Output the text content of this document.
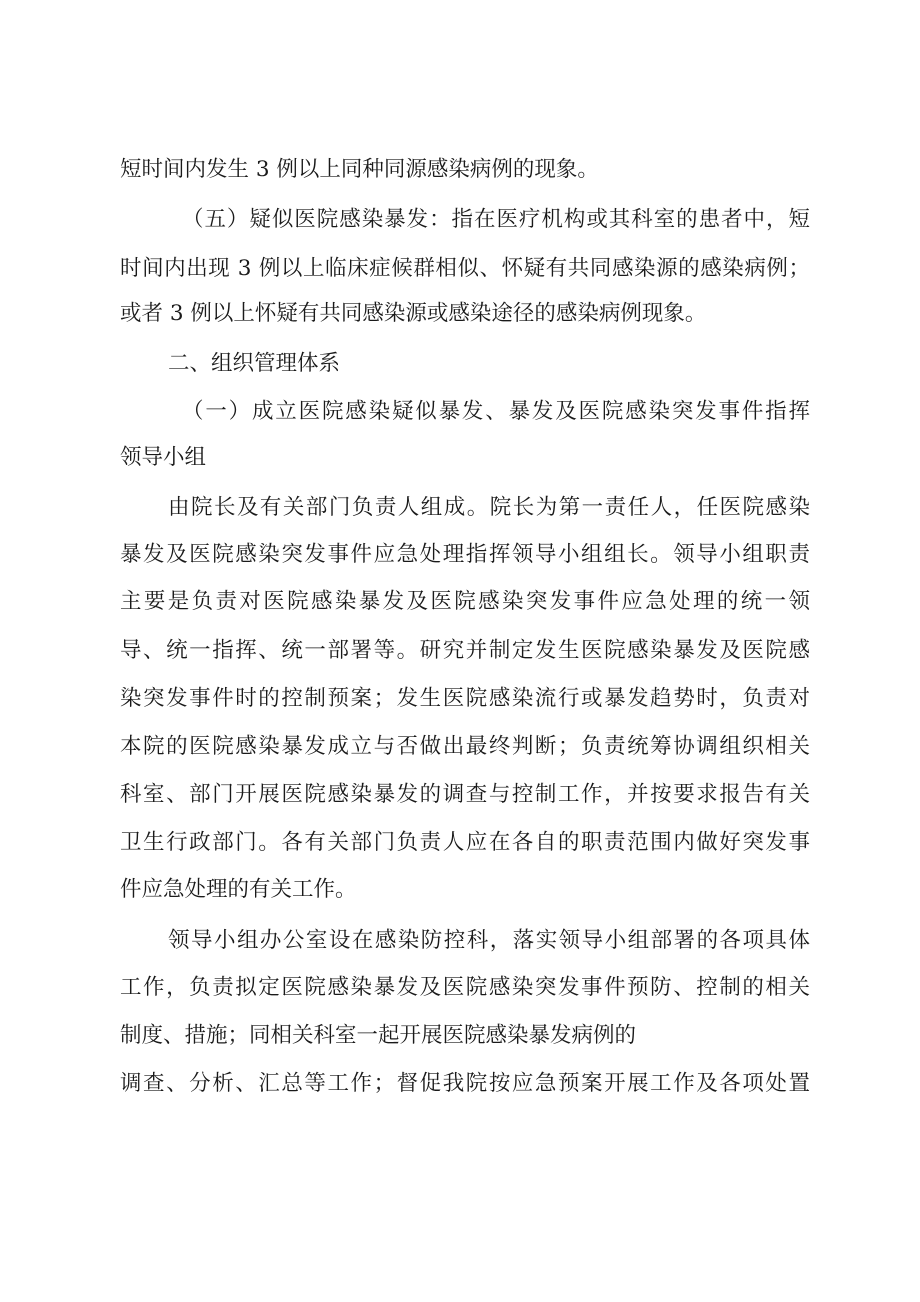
短时间内发生 3 例以上同种同源感染病例的现象。
（五）疑似医院感染暴发：指在医疗机构或其科室的患者中，短
时间内出现 3 例以上临床症候群相似、怀疑有共同感染源的感染病例；
或者 3 例以上怀疑有共同感染源或感染途径的感染病例现象。
二、组织管理体系
（一）成立医院感染疑似暴发、暴发及医院感染突发事件指挥
领导小组
由院长及有关部门负责人组成。院长为第一责任人，任医院感染
暴发及医院感染突发事件应急处理指挥领导小组组长。领导小组职责
主要是负责对医院感染暴发及医院感染突发事件应急处理的统一领
导、统一指挥、统一部署等。研究并制定发生医院感染暴发及医院感
染突发事件时的控制预案；发生医院感染流行或暴发趋势时，负责对
本院的医院感染暴发成立与否做出最终判断；负责统筹协调组织相关
科室、部门开展医院感染暴发的调查与控制工作，并按要求报告有关
卫生行政部门。各有关部门负责人应在各自的职责范围内做好突发事
件应急处理的有关工作。
领导小组办公室设在感染防控科，落实领导小组部署的各项具体
工作，负责拟定医院感染暴发及医院感染突发事件预防、控制的相关
制度、措施；同相关科室一起开展医院感染暴发病例的
调查、分析、汇总等工作；督促我院按应急预案开展工作及各项处置
